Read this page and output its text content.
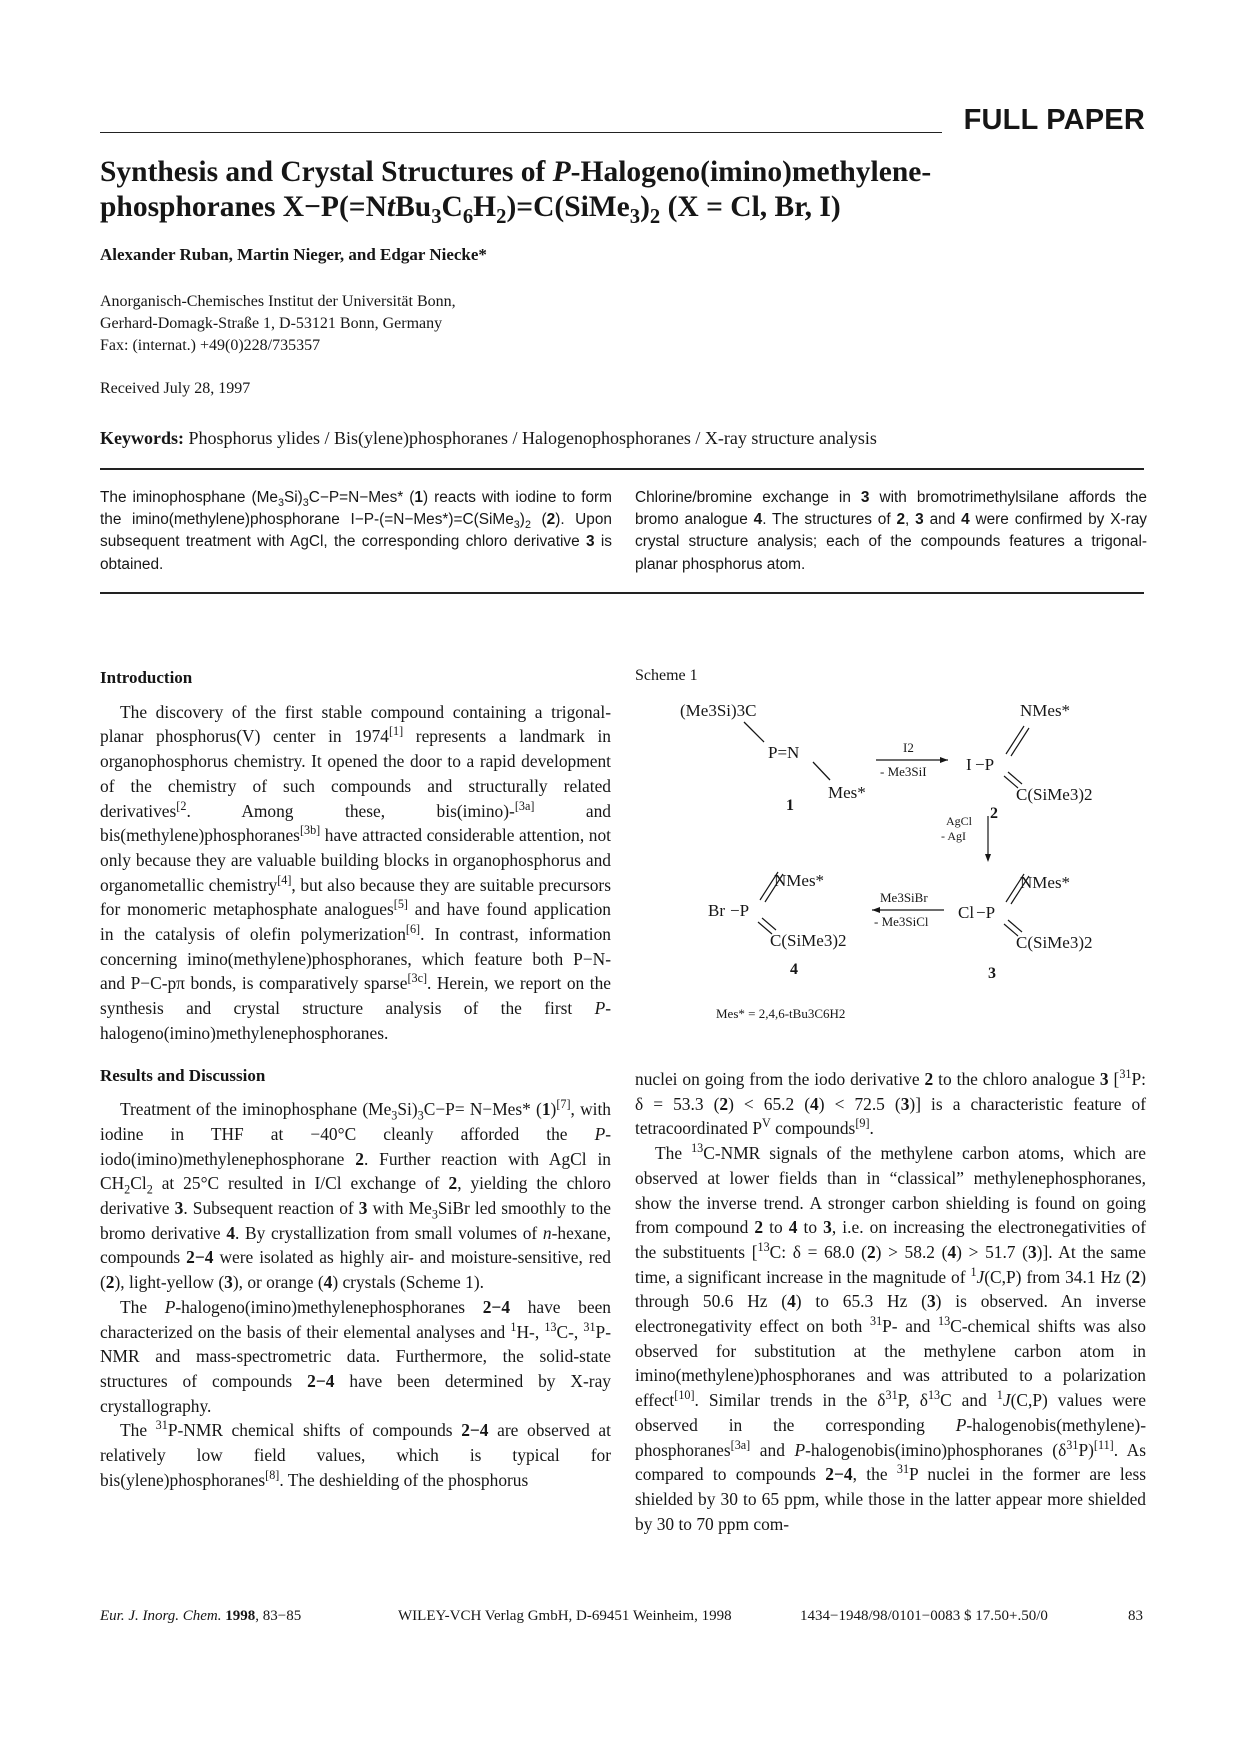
FULL PAPER
Synthesis and Crystal Structures of P-Halogeno(imino)methylene-
phosphoranes $X-P(=NtBu_3C_6H_2)=C(SiMe_3)_2$ (X = Cl, Br, I)
Alexander Ruban, Martin Nieger, and Edgar Niecke*
Anorganisch-Chemisches Institut der Universität Bonn,
Gerhard-Domagk-Straße 1, D-53121 Bonn, Germany
Fax: (internat.) +49(0)228/735357
Received July 28, 1997
Keywords: Phosphorus ylides / Bis(ylene)phosphoranes / Halogenophosphoranes / X-ray structure analysis

The iminophosphane $(Me_3Si)_3C-P=N-Mes*$ (1) reacts with iodine to form the imino(methylene)phosphorane $I-P-(=N-Mes*)=C(SiMe_3)_2$ (2). Upon subsequent treatment with AgCl, the corresponding chloro derivative 3 is obtained.

Chlorine/bromine exchange in 3 with bromotrimethylsilane affords the bromo analogue 4. The structures of 2, 3 and 4 were confirmed by X-ray crystal structure analysis; each of the compounds features a trigonal-planar phosphorus atom.

Introduction

The discovery of the first stable compound containing a trigonal-planar phosphorus(V) center in 1974[1] represents a landmark in organophosphorus chemistry. It opened the door to a rapid development of the chemistry of such compounds and structurally related derivatives$^{[2}$. Among these, bis(imino)-[3a] and bis(methylene)phosphoranes[3b] have attracted considerable attention, not only because they are valuable building blocks in organophosphorus and organometallic chemistry[4], but also because they are suitable precursors for monomeric metaphosphate analogues[5] and have found application in the catalysis of olefin polymerization[6]. In contrast, information concerning imino(methylene)phosphoranes, which feature both P−N- and P−C-pπ bonds, is comparatively sparse[3c]. Herein, we report on the synthesis and crystal structure analysis of the first P-halogeno(imino)methylenephosphoranes.

Results and Discussion

Treatment of the iminophosphane $(Me_3Si)_3C-P= N-Mes*$ (1)[7], with iodine in THF at −40°C cleanly afforded the P-iodo(imino)methylenephosphorane 2. Further reaction with AgCl in $CH_2Cl_2$ at 25°C resulted in I/Cl exchange of 2, yielding the chloro derivative 3. Subsequent reaction of 3 with $Me_3SiBr$ led smoothly to the bromo derivative 4. By crystallization from small volumes of n-hexane, compounds 2−4 were isolated as highly air- and moisture-sensitive, red (2), light-yellow (3), or orange (4) crystals (Scheme 1).

The P-halogeno(imino)methylenephosphoranes 2−4 have been characterized on the basis of their elemental analyses and $^1$H-, $^{13}$C-, $^{31}$P-NMR and mass-spectrometric data. Furthermore, the solid-state structures of compounds 2−4 have been determined by X-ray crystallography.

The $^{31}$P-NMR chemical shifts of compounds 2−4 are observed at relatively low field values, which is typical for bis(ylene)phosphoranes[8]. The deshielding of the phosphorus

Scheme 1
(Me3Si)3C
P=N
Mes*
1
I2
- Me3SiI I −P
NMes*
C(SiMe3)2
2
AgCl
- AgI
Br −P
NMes*
C(SiMe3)2
4
Me3SiBr
- Me3SiCl Cl −P
NMes*
C(SiMe3)2
3
Mes* = 2,4,6-tBu3C6H2

nuclei on going from the iodo derivative 2 to the chloro analogue 3 [$^{31}$P: δ = 53.3 (2) < 65.2 (4) < 72.5 (3)] is a characteristic feature of tetracoordinated $P^V$ compounds[9].

The $^{13}$C-NMR signals of the methylene carbon atoms, which are observed at lower fields than in “classical” methylenephosphoranes, show the inverse trend. A stronger carbon shielding is found on going from compound 2 to 4 to 3, i.e. on increasing the electronegativities of the substituents [$^{13}$C: δ = 68.0 (2) > 58.2 (4) > 51.7 (3)]. At the same time, a significant increase in the magnitude of $^1$J(C,P) from 34.1 Hz (2) through 50.6 Hz (4) to 65.3 Hz (3) is observed. An inverse electronegativity effect on both $^{31}$P- and $^{13}$C-chemical shifts was also observed for substitution at the methylene carbon atom in imino(methylene)phosphoranes and was attributed to a polarization effect[10]. Similar trends in the $\delta^{31}P$, $\delta^{13}C$ and $^1$J(C,P) values were observed in the corresponding P-halogenobis(methylene)-phosphoranes[3a] and P-halogenobis(imino)phosphoranes $(\delta^{31}P)[11]$. As compared to compounds 2−4, the $^{31}$P nuclei in the former are less shielded by 30 to 65 ppm, while those in the latter appear more shielded by 30 to 70 ppm com-

Eur. J. Inorg. Chem. 1998, 83−85	WILEY-VCH Verlag GmbH, D-69451 Weinheim, 1998	1434−1948/98/0101−0083 $ 17.50+.50/0	83
